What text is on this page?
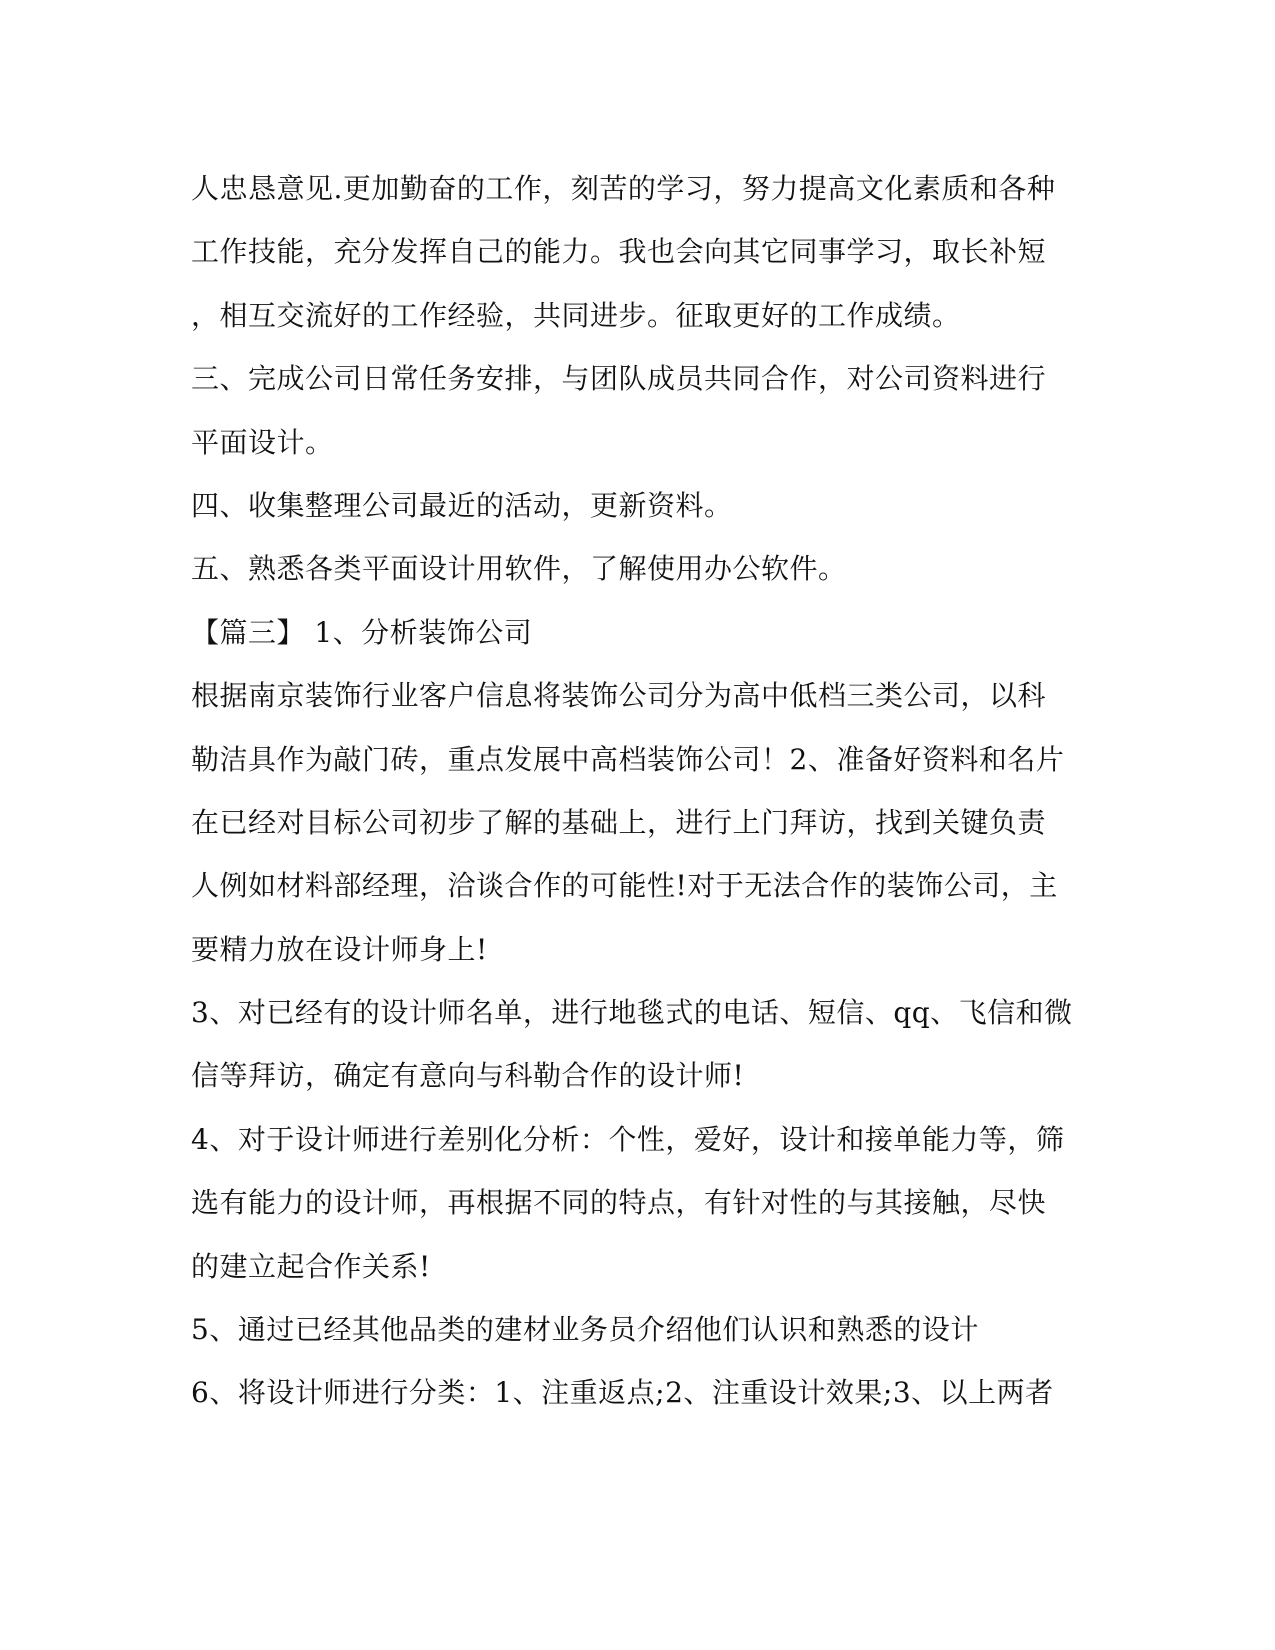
人忠恳意见.更加勤奋的工作，刻苦的学习，努力提高文化素质和各种
工作技能，充分发挥自己的能力。我也会向其它同事学习，取长补短
，相互交流好的工作经验，共同进步。征取更好的工作成绩。
三、完成公司日常任务安排，与团队成员共同合作，对公司资料进行
平面设计。
四、收集整理公司最近的活动，更新资料。
五、熟悉各类平面设计用软件，了解使用办公软件。
【篇三】 1、分析装饰公司
根据南京装饰行业客户信息将装饰公司分为高中低档三类公司，以科
勒洁具作为敲门砖，重点发展中高档装饰公司！2、准备好资料和名片
在已经对目标公司初步了解的基础上，进行上门拜访，找到关键负责
人例如材料部经理，洽谈合作的可能性!对于无法合作的装饰公司，主
要精力放在设计师身上!
3、对已经有的设计师名单，进行地毯式的电话、短信、qq、飞信和微
信等拜访，确定有意向与科勒合作的设计师!
4、对于设计师进行差别化分析：个性，爱好，设计和接单能力等，筛
选有能力的设计师，再根据不同的特点，有针对性的与其接触，尽快
的建立起合作关系!
5、通过已经其他品类的建材业务员介绍他们认识和熟悉的设计
6、将设计师进行分类：1、注重返点;2、注重设计效果;3、以上两者
